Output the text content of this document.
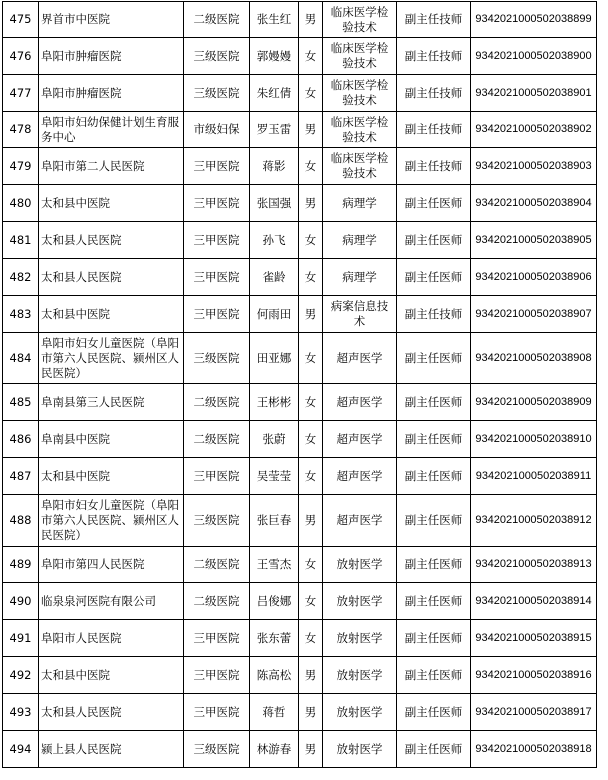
475	界首市中医院	二级医院	张生红	男	临床医学检验技术	副主任技师	9342021000502038899
476	阜阳市肿瘤医院	三级医院	郭嫚嫚	女	临床医学检验技术	副主任技师	9342021000502038900
477	阜阳市肿瘤医院	三级医院	朱红倩	女	临床医学检验技术	副主任技师	9342021000502038901
478	阜阳市妇幼保健计划生育服务中心	市级妇保	罗玉雷	男	临床医学检验技术	副主任技师	9342021000502038902
479	阜阳市第二人民医院	三甲医院	蒋影	女	临床医学检验技术	副主任技师	9342021000502038903
480	太和县中医院	三甲医院	张国强	男	病理学	副主任医师	9342021000502038904
481	太和县人民医院	三甲医院	孙飞	女	病理学	副主任医师	9342021000502038905
482	太和县人民医院	三甲医院	雀龄	女	病理学	副主任医师	9342021000502038906
483	太和县中医院	三甲医院	何雨田	男	病案信息技术	副主任技师	9342021000502038907
484	阜阳市妇女儿童医院（阜阳市第六人民医院、颍州区人民医院）	三级医院	田亚娜	女	超声医学	副主任医师	9342021000502038908
485	阜南县第三人民医院	二级医院	王彬彬	女	超声医学	副主任医师	9342021000502038909
486	阜南县中医院	二级医院	张蔚	女	超声医学	副主任医师	9342021000502038910
487	太和县中医院	三甲医院	吴莹莹	女	超声医学	副主任医师	9342021000502038911
488	阜阳市妇女儿童医院（阜阳市第六人民医院、颍州区人民医院）	三级医院	张巨春	男	超声医学	副主任医师	9342021000502038912
489	阜阳市第四人民医院	二级医院	王雪杰	女	放射医学	副主任医师	9342021000502038913
490	临泉泉河医院有限公司	二级医院	吕俊娜	女	放射医学	副主任医师	9342021000502038914
491	阜阳市人民医院	三甲医院	张东蕾	女	放射医学	副主任医师	9342021000502038915
492	太和县中医院	三甲医院	陈高松	男	放射医学	副主任医师	9342021000502038916
493	太和县人民医院	三甲医院	蒋哲	男	放射医学	副主任医师	9342021000502038917
494	颍上县人民医院	三级医院	林游春	男	放射医学	副主任医师	9342021000502038918
